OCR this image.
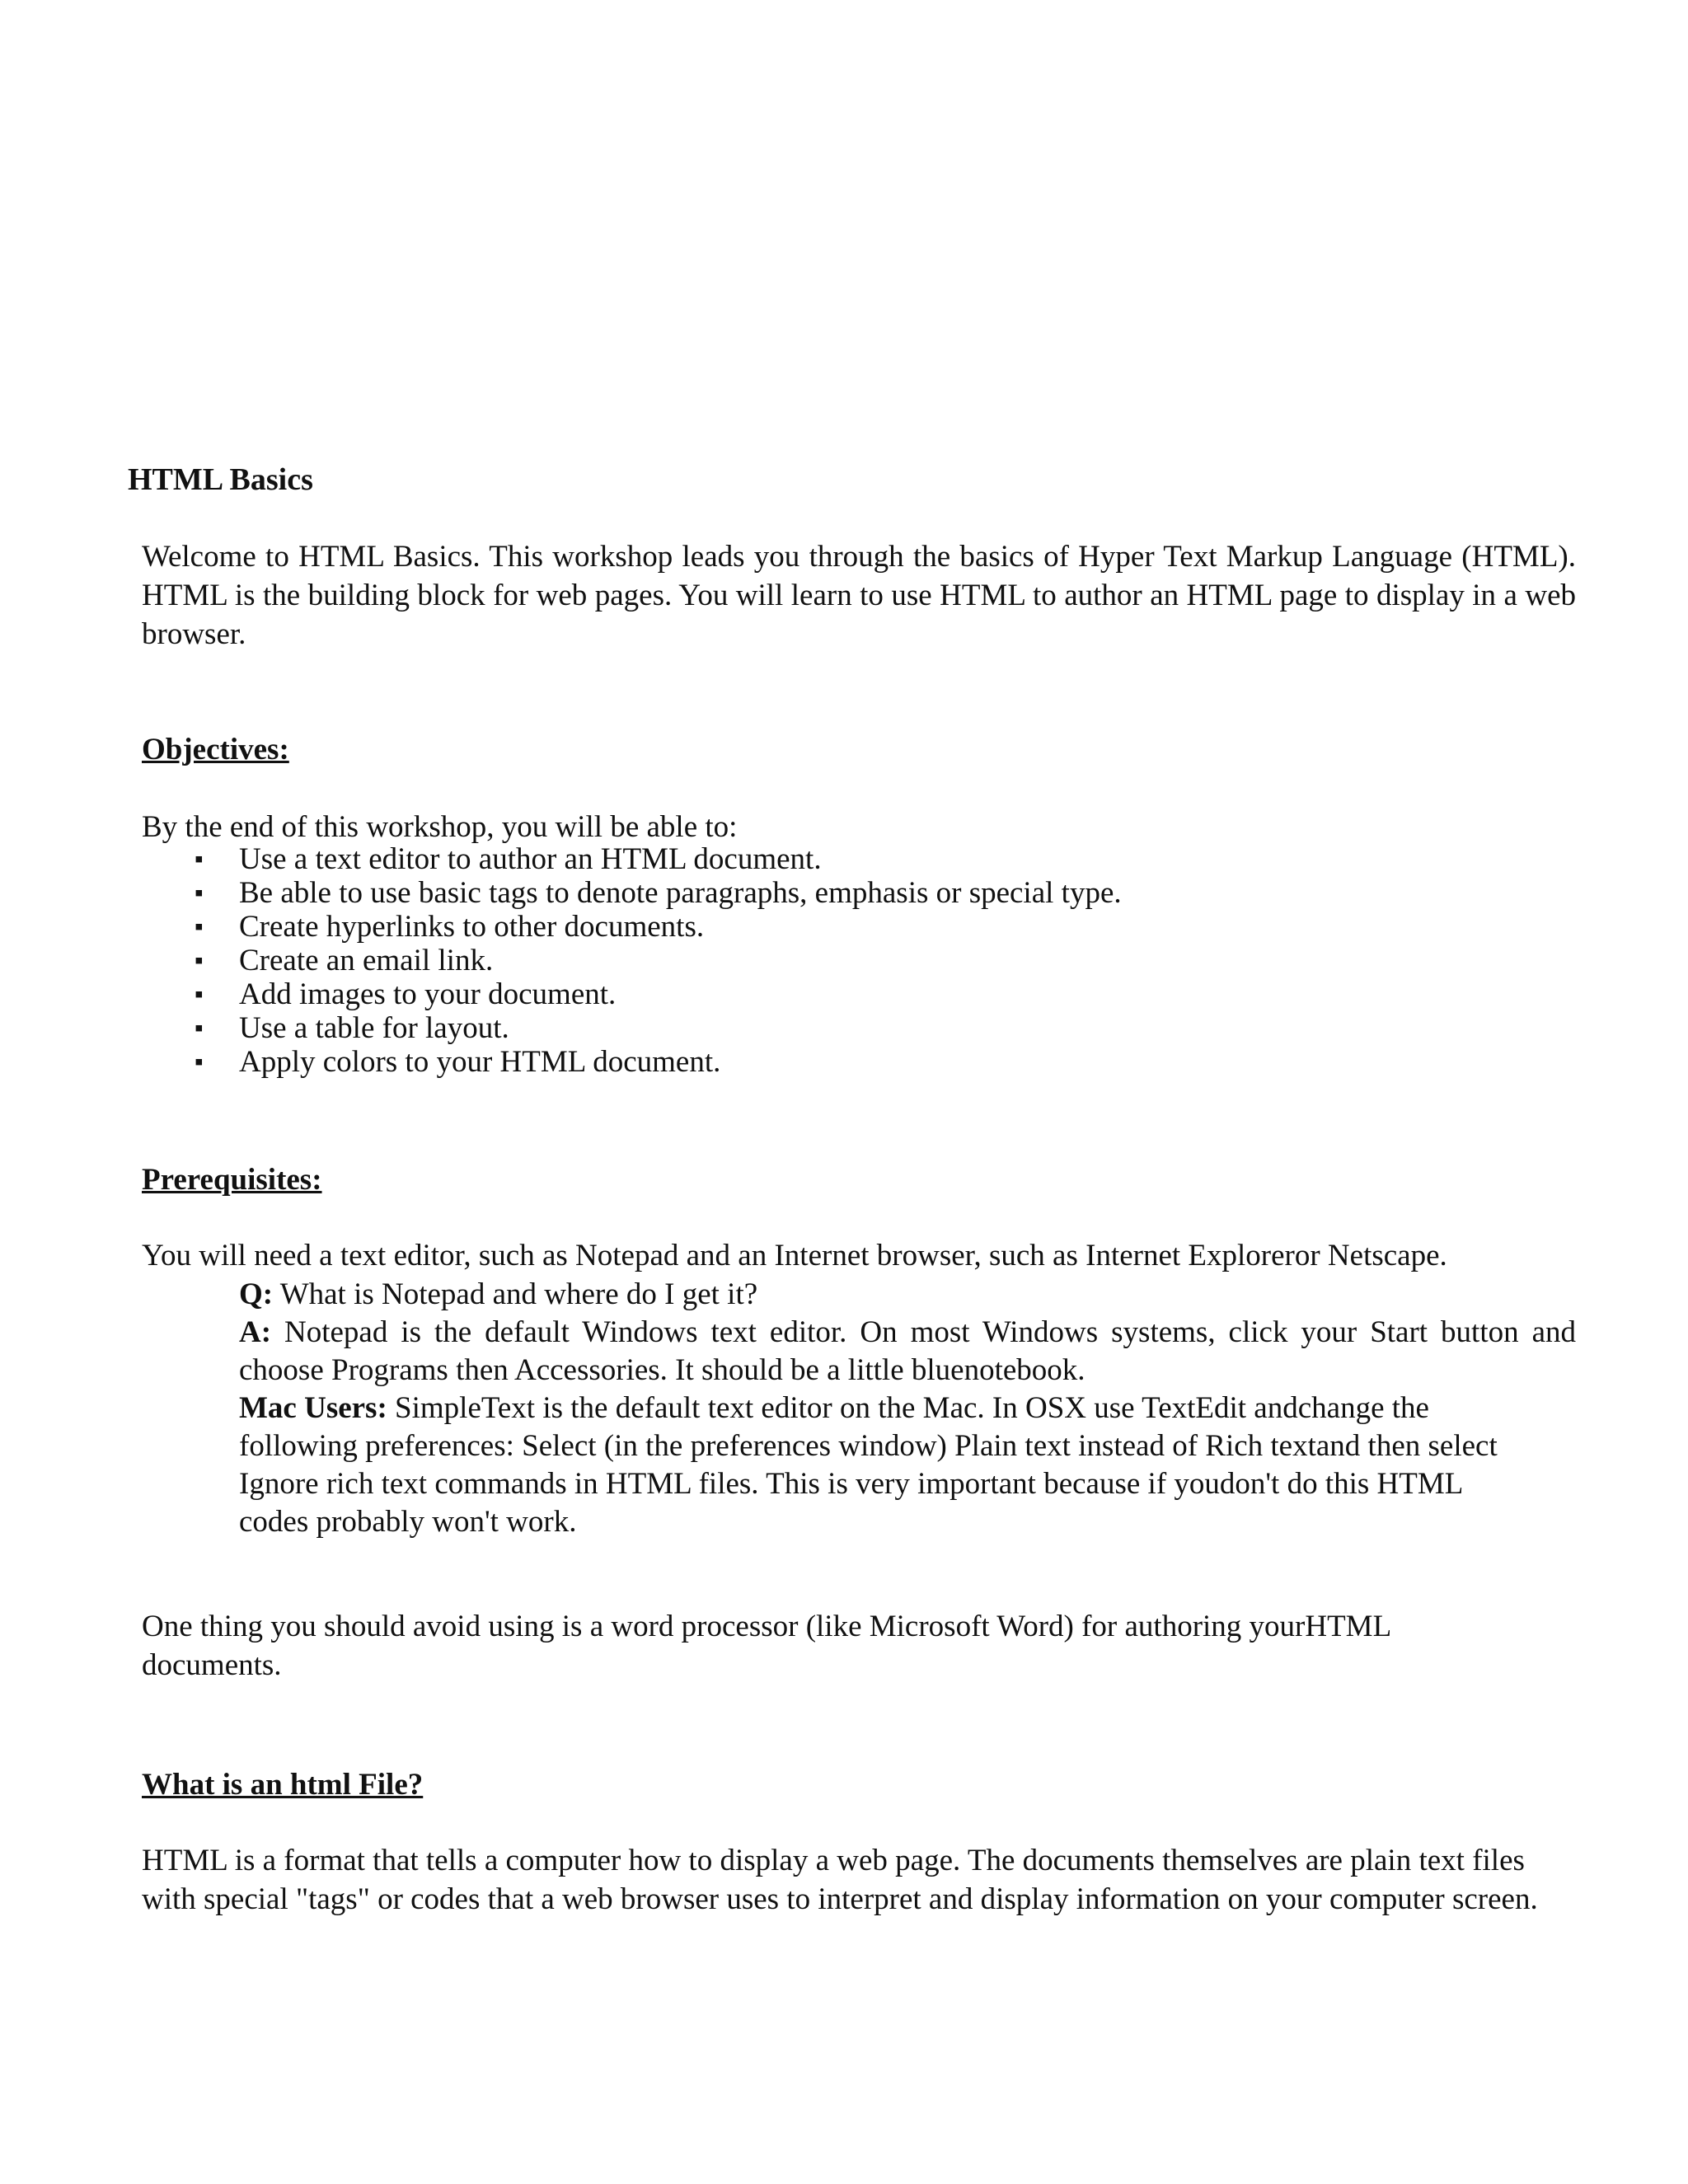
HTML Basics

Welcome to HTML Basics. This workshop leads you through the basics of Hyper Text Markup Language (HTML). HTML is the building block for web pages. You will learn to use HTML to author an HTML page to display in a web browser.

Objectives:

By the end of this workshop, you will be able to:

▪ Use a text editor to author an HTML document.
▪ Be able to use basic tags to denote paragraphs, emphasis or special type.
▪ Create hyperlinks to other documents.
▪ Create an email link.
▪ Add images to your document.
▪ Use a table for layout.
▪ Apply colors to your HTML document.
Prerequisites:

You will need a text editor, such as Notepad and an Internet browser, such as Internet Exploreror Netscape.

Q: What is Notepad and where do I get it?

A: Notepad is the default Windows text editor. On most Windows systems, click your Start button and choose Programs then Accessories. It should be a little bluenotebook.

Mac Users: SimpleText is the default text editor on the Mac. In OSX use TextEdit andchange the following preferences: Select (in the preferences window) Plain text instead of Rich textand then select Ignore rich text commands in HTML files. This is very important because if youdon't do this HTML codes probably won't work.

One thing you should avoid using is a word processor (like Microsoft Word) for authoring yourHTML documents.

What is an html File?

HTML is a format that tells a computer how to display a web page. The documents themselves are plain text files with special "tags" or codes that a web browser uses to interpret and display information on your computer screen.
